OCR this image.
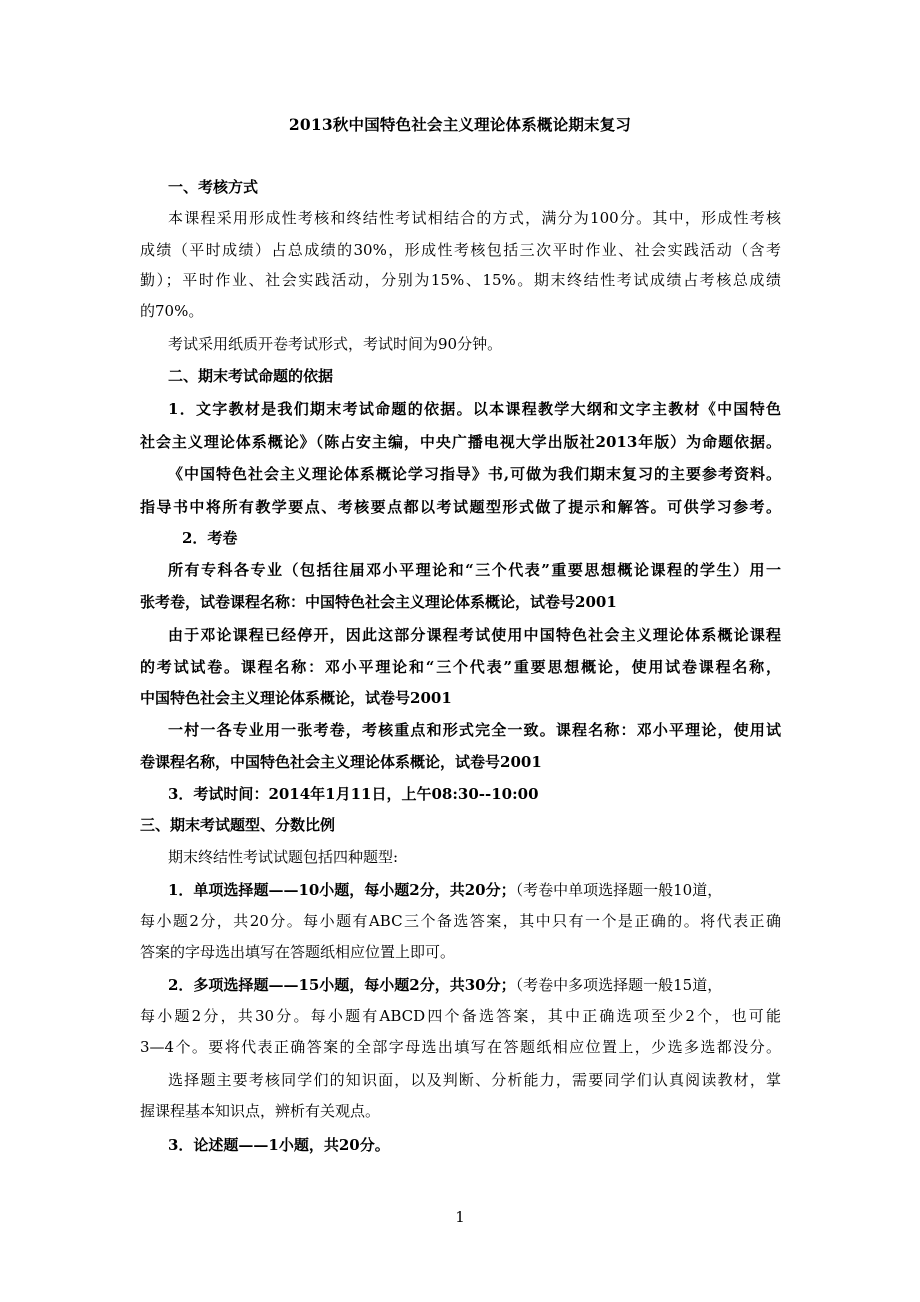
2013秋中国特色社会主义理论体系概论期末复习
一、考核方式
本课程采用形成性考核和终结性考试相结合的方式，满分为100分。其中，形成性考核
成绩（平时成绩）占总成绩的30%，形成性考核包括三次平时作业、社会实践活动（含考
勤）；平时作业、社会实践活动，分别为15%、15%。期末终结性考试成绩占考核总成绩
的70%。
考试采用纸质开卷考试形式，考试时间为90分钟。
二、期末考试命题的依据
1．文字教材是我们期末考试命题的依据。以本课程教学大纲和文字主教材《中国特色
社会主义理论体系概论》（陈占安主编，中央广播电视大学出版社2013年版）为命题依据。
《中国特色社会主义理论体系概论学习指导》书,可做为我们期末复习的主要参考资料。
指导书中将所有教学要点、考核要点都以考试题型形式做了提示和解答。可供学习参考。
2．考卷
所有专科各专业（包括往届邓小平理论和“三个代表”重要思想概论课程的学生）用一
张考卷，试卷课程名称：中国特色社会主义理论体系概论，试卷号2001
由于邓论课程已经停开，因此这部分课程考试使用中国特色社会主义理论体系概论课程
的考试试卷。课程名称：邓小平理论和“三个代表”重要思想概论，使用试卷课程名称，
中国特色社会主义理论体系概论，试卷号2001
一村一各专业用一张考卷，考核重点和形式完全一致。课程名称：邓小平理论，使用试
卷课程名称，中国特色社会主义理论体系概论，试卷号2001
3．考试时间：2014年1月11日，上午08:30--10:00
三、期末考试题型、分数比例
期末终结性考试试题包括四种题型:
1．单项选择题——10小题，每小题2分，共20分；（考卷中单项选择题一般10道，
每小题2分，共20分。每小题有ABC三个备选答案，其中只有一个是正确的。将代表正确
答案的字母选出填写在答题纸相应位置上即可。
2．多项选择题——15小题，每小题2分，共30分；（考卷中多项选择题一般15道，
每小题2分，共30分。每小题有ABCD四个备选答案，其中正确选项至少2个，也可能
3—4个。要将代表正确答案的全部字母选出填写在答题纸相应位置上，少选多选都没分。
选择题主要考核同学们的知识面，以及判断、分析能力，需要同学们认真阅读教材，掌
握课程基本知识点，辨析有关观点。
3．论述题——1小题，共20分。
1
